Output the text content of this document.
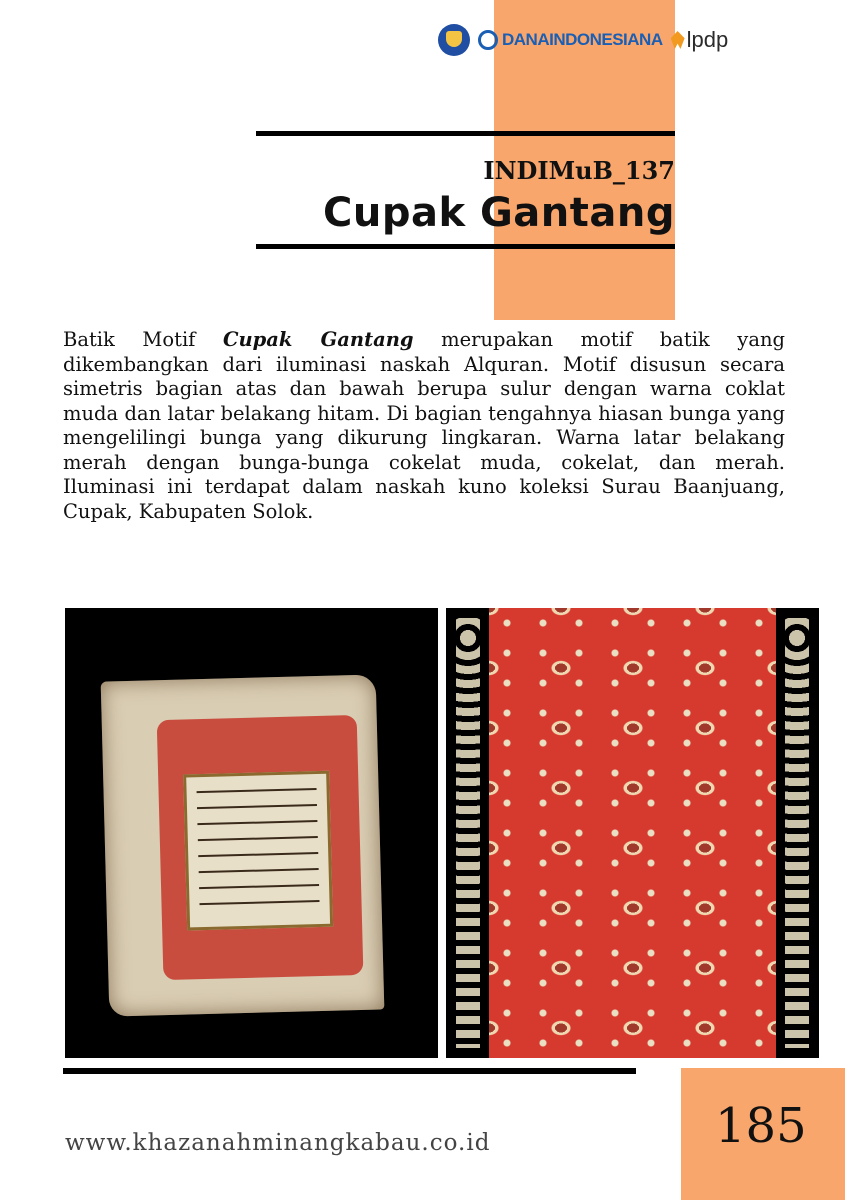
DANAINDONESIANA lpdp
INDIMuB_137
Cupak Gantang
Batik Motif Cupak Gantang merupakan motif batik yang dikembangkan dari iluminasi naskah Alquran. Motif disusun secara simetris bagian atas dan bawah berupa sulur dengan warna coklat muda dan latar belakang hitam. Di bagian tengahnya hiasan bunga yang mengelilingi bunga yang dikurung lingkaran. Warna latar belakang merah dengan bunga-bunga cokelat muda, cokelat, dan merah. Iluminasi ini terdapat dalam naskah kuno koleksi Surau Baanjuang, Cupak, Kabupaten Solok.
www.khazanahminangkabau.co.id	185
